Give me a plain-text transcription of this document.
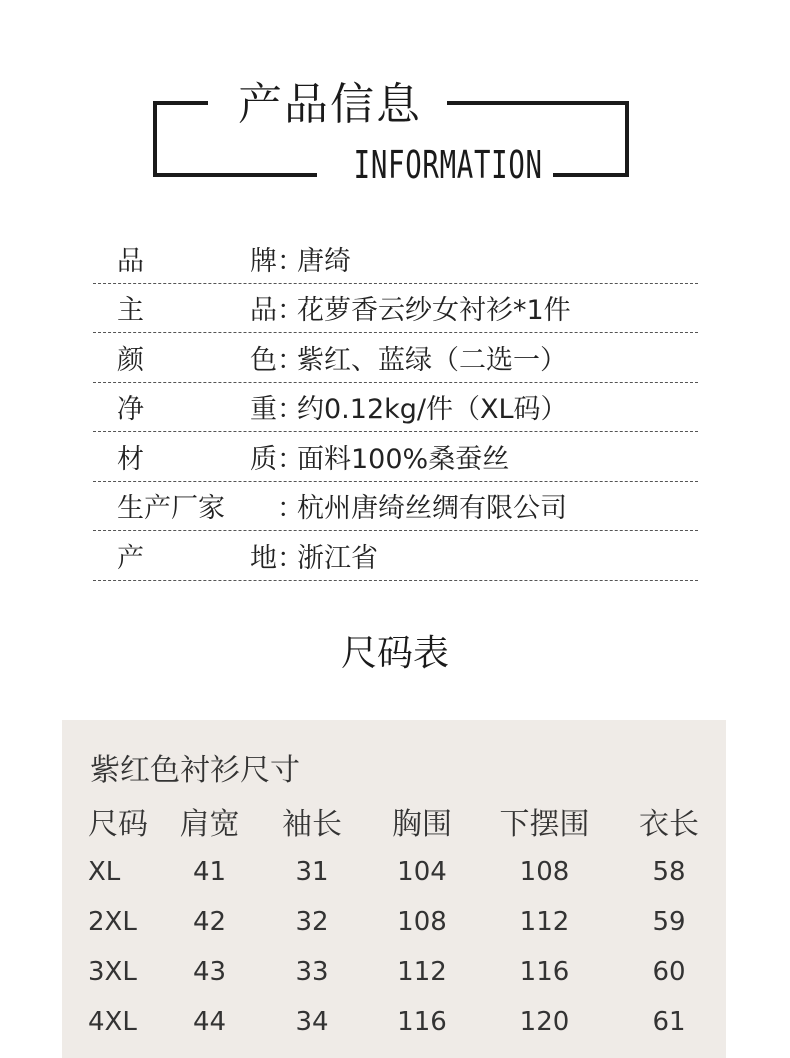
产品信息
INFORMATION
品	牌 ：
唐绮
主	品 ：
花萝香云纱女衬衫*1件
颜	色 ：
紫红、蓝绿（二选一）
净	重 ：
约0.12kg/件（XL码）
材	质 ：
面料100%桑蚕丝
生产厂家 ：
杭州唐绮丝绸有限公司
产	地 ：
浙江省
尺码表
紫红色衬衫尺寸
尺码	肩宽	袖长	胸围	下摆围	衣长
XL	41	31	104	108	58
2XL	42	32	108	112	59
3XL	43	33	112	116	60
4XL	44	34	116	120	61
